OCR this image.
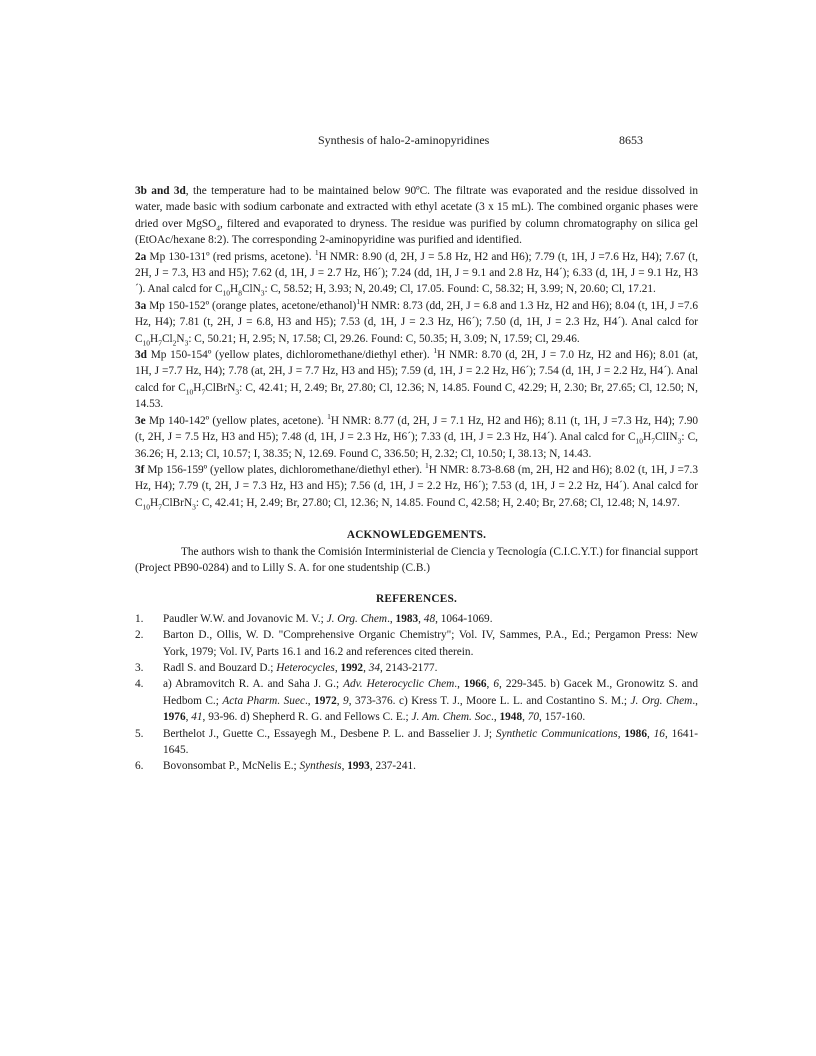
Synthesis of halo-2-aminopyridines	8653

3b and 3d, the temperature had to be maintained below 90ºC. The filtrate was evaporated and the residue dissolved in water, made basic with sodium carbonate and extracted with ethyl acetate (3 x 15 mL). The combined organic phases were dried over MgSO$_4$, filtered and evaporated to dryness. The residue was purified by column chromatography on silica gel (EtOAc/hexane 8:2). The corresponding 2-aminopyridine was purified and identified.

2a Mp 130-131º (red prisms, acetone). $^1$H NMR: 8.90 (d, 2H, J = 5.8 Hz, H2 and H6); 7.79 (t, 1H, J =7.6 Hz, H4); 7.67 (t, 2H, J = 7.3, H3 and H5); 7.62 (d, 1H, J = 2.7 Hz, H6´); 7.24 (dd, 1H, J = 9.1 and 2.8 Hz, H4´); 6.33 (d, 1H, J = 9.1 Hz, H3´). Anal calcd for $C_{10}H_8ClN_3$: C, 58.52; H, 3.93; N, 20.49; Cl, 17.05. Found: C, 58.32; H, 3.99; N, 20.60; Cl, 17.21.

3a Mp 150-152º (orange plates, acetone/ethanol)$^1$H NMR: 8.73 (dd, 2H, J = 6.8 and 1.3 Hz, H2 and H6); 8.04 (t, 1H, J =7.6 Hz, H4); 7.81 (t, 2H, J = 6.8, H3 and H5); 7.53 (d, 1H, J = 2.3 Hz, H6´); 7.50 (d, 1H, J = 2.3 Hz, H4´). Anal calcd for $C_{10}H_7Cl_2N_3$: C, 50.21; H, 2.95; N, 17.58; Cl, 29.26. Found: C, 50.35; H, 3.09; N, 17.59; Cl, 29.46.

3d Mp 150-154º (yellow plates, dichloromethane/diethyl ether). $^1$H NMR: 8.70 (d, 2H, J = 7.0 Hz, H2 and H6); 8.01 (at, 1H, J =7.7 Hz, H4); 7.78 (at, 2H, J = 7.7 Hz, H3 and H5); 7.59 (d, 1H, J = 2.2 Hz, H6´); 7.54 (d, 1H, J = 2.2 Hz, H4´). Anal calcd for $C_{10}H_7ClBrN_3$: C, 42.41; H, 2.49; Br, 27.80; Cl, 12.36; N, 14.85. Found C, 42.29; H, 2.30; Br, 27.65; Cl, 12.50; N, 14.53.

3e Mp 140-142º (yellow plates, acetone). $^1$H NMR: 8.77 (d, 2H, J = 7.1 Hz, H2 and H6); 8.11 (t, 1H, J =7.3 Hz, H4); 7.90 (t, 2H, J = 7.5 Hz, H3 and H5); 7.48 (d, 1H, J = 2.3 Hz, H6´); 7.33 (d, 1H, J = 2.3 Hz, H4´). Anal calcd for $C_{10}H_7ClIN_3$: C, 36.26; H, 2.13; Cl, 10.57; I, 38.35; N, 12.69. Found C, 336.50; H, 2.32; Cl, 10.50; I, 38.13; N, 14.43.

3f Mp 156-159º (yellow plates, dichloromethane/diethyl ether). $^1$H NMR: 8.73-8.68 (m, 2H, H2 and H6); 8.02 (t, 1H, J =7.3 Hz, H4); 7.79 (t, 2H, J = 7.3 Hz, H3 and H5); 7.56 (d, 1H, J = 2.2 Hz, H6´); 7.53 (d, 1H, J = 2.2 Hz, H4´). Anal calcd for $C_{10}H_7ClBrN_3$: C, 42.41; H, 2.49; Br, 27.80; Cl, 12.36; N, 14.85. Found C, 42.58; H, 2.40; Br, 27.68; Cl, 12.48; N, 14.97.

ACKNOWLEDGEMENTS.

The authors wish to thank the Comisión Interministerial de Ciencia y Tecnología (C.I.C.Y.T.) for financial support (Project PB90-0284) and to Lilly S. A. for one studentship (C.B.)

REFERENCES.
1. Paudler W.W. and Jovanovic M. V.; J. Org. Chem., 1983, 48, 1064-1069.
2. Barton D., Ollis, W. D. "Comprehensive Organic Chemistry"; Vol. IV, Sammes, P.A., Ed.; Pergamon Press: New York, 1979; Vol. IV, Parts 16.1 and 16.2 and references cited therein.
3. Radl S. and Bouzard D.; Heterocycles, 1992, 34, 2143-2177.
4. a) Abramovitch R. A. and Saha J. G.; Adv. Heterocyclic Chem., 1966, 6, 229-345. b) Gacek M., Gronowitz S. and Hedbom C.; Acta Pharm. Suec., 1972, 9, 373-376. c) Kress T. J., Moore L. L. and Costantino S. M.; J. Org. Chem., 1976, 41, 93-96. d) Shepherd R. G. and Fellows C. E.; J. Am. Chem. Soc., 1948, 70, 157-160.
5. Berthelot J., Guette C., Essayegh M., Desbene P. L. and Basselier J. J; Synthetic Communications, 1986, 16, 1641-1645.
6. Bovonsombat P., McNelis E.; Synthesis, 1993, 237-241.
